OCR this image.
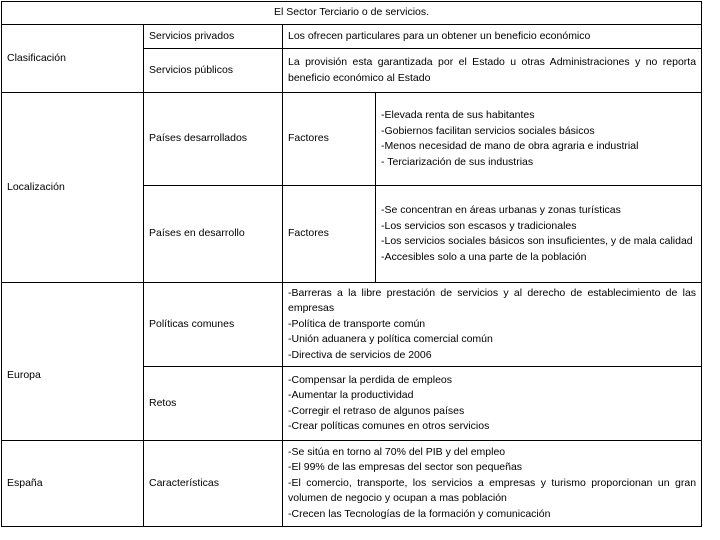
El Sector Terciario o de servicios.			
Clasificación	Servicios privados	Los ofrecen particulares para un obtener un beneficio económico	
	Servicios públicos	La provisión esta garantizada por el Estado u otras Administraciones y no reporta beneficio económico al Estado	
Localización	Países desarrollados	Factores	-Elevada renta de sus habitantes
-Gobiernos facilitan servicios sociales básicos
-Menos necesidad de mano de obra agraria e industrial
- Terciarización de sus industrias

	Países en desarrollo	Factores	-Se concentran en áreas urbanas y zonas turísticas
-Los servicios son escasos y tradicionales
-Los servicios sociales básicos son insuficientes, y de mala calidad
-Accesibles solo a una parte de la población

Europa	Políticas comunes	-Barreras a la libre prestación de servicios y al derecho de establecimiento de las empresas
-Política de transporte común
-Unión aduanera y política comercial común
-Directiva de servicios de 2006	

	Retos	-Compensar la perdida de empleos
-Aumentar la productividad
-Corregir el retraso de algunos países
-Crear políticas comunes en otros servicios	

España	Características	-Se sitúa en torno al 70% del PIB y del empleo
-El 99% de las empresas del sector son pequeñas
-El comercio, transporte, los servicios a empresas y turismo proporcionan un gran volumen de negocio y ocupan a mas población
-Crecen las Tecnologías de la formación y comunicación	
